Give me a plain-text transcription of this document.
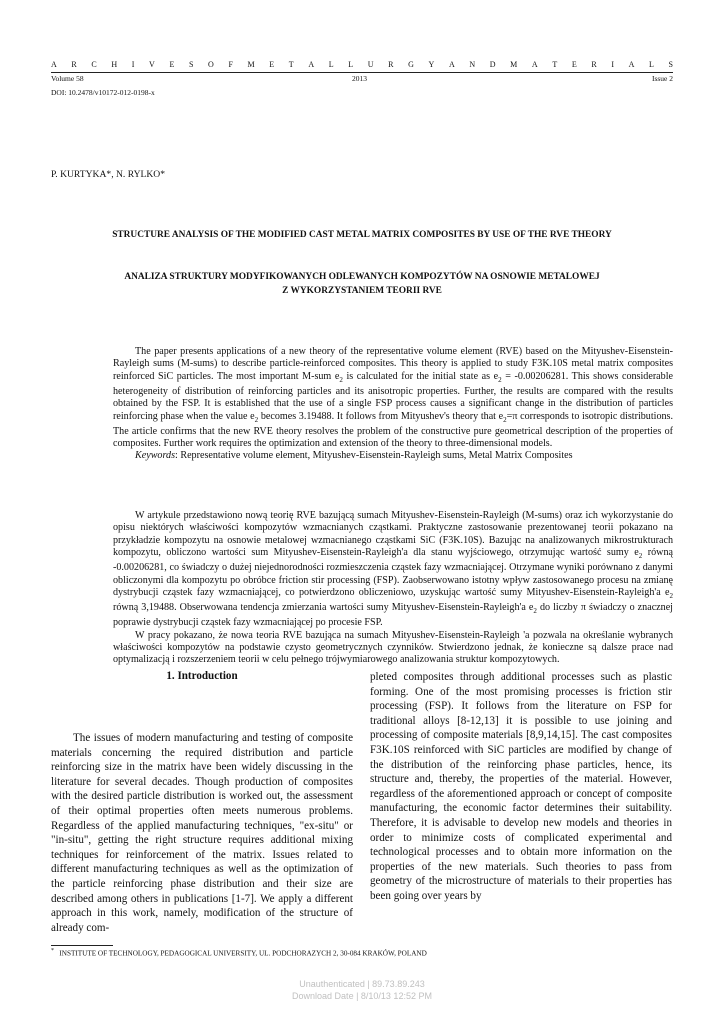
A R C H I V E S O F M E T A L L U R G Y A N D M A T E R I A L S
Volume 58	2013	Issue 2
DOI: 10.2478/v10172-012-0198-x
P. KURTYKA*, N. RYLKO*
STRUCTURE ANALYSIS OF THE MODIFIED CAST METAL MATRIX COMPOSITES BY USE OF THE RVE THEORY
ANALIZA STRUKTURY MODYFIKOWANYCH ODLEWANYCH KOMPOZYTÓW NA OSNOWIE METALOWEJ
Z WYKORZYSTANIEM TEORII RVE

The paper presents applications of a new theory of the representative volume element (RVE) based on the Mityushev-Eisenstein-Rayleigh sums (M-sums) to describe particle-reinforced composites. This theory is applied to study F3K.10S metal matrix composites reinforced SiC particles. The most important M-sum $e_2$ is calculated for the initial state as $e_2 = -0.00206281$. This shows considerable heterogeneity of distribution of reinforcing particles and its anisotropic properties. Further, the results are compared with the results obtained by the FSP. It is established that the use of a single FSP process causes a significant change in the distribution of particles reinforcing phase when the value $e_2$ becomes 3.19488. It follows from Mityushev's theory that $e_2=\pi$ corresponds to isotropic distributions. The article confirms that the new RVE theory resolves the problem of the constructive pure geometrical description of the properties of composites. Further work requires the optimization and extension of the theory to three-dimensional models.

Keywords: Representative volume element, Mityushev-Eisenstein-Rayleigh sums, Metal Matrix Composites

W artykule przedstawiono nową teorię RVE bazującą sumach Mityushev-Eisenstein-Rayleigh (M-sums) oraz ich wykorzystanie do opisu niektórych właściwości kompozytów wzmacnianych cząstkami. Praktyczne zastosowanie prezentowanej teorii pokazano na przykładzie kompozytu na osnowie metalowej wzmacnianego cząstkami SiC (F3K.10S). Bazując na analizowanych mikrostrukturach kompozytu, obliczono wartości sum Mityushev-Eisenstein-Rayleigh'a dla stanu wyjściowego, otrzymując wartość sumy $e_2$ równą -0.00206281, co świadczy o dużej niejednorodności rozmieszczenia cząstek fazy wzmacniającej. Otrzymane wyniki porównano z danymi obliczonymi dla kompozytu po obróbce friction stir processing (FSP). Zaobserwowano istotny wpływ zastosowanego procesu na zmianę dystrybucji cząstek fazy wzmacniającej, co potwierdzono obliczeniowo, uzyskując wartość sumy Mityushev-Eisenstein-Rayleigh'a $e_2$ równą 3,19488. Obserwowana tendencja zmierzania wartości sumy Mityushev-Eisenstein-Rayleigh'a $e_2$ do liczby π świadczy o znacznej poprawie dystrybucji cząstek fazy wzmacniającej po procesie FSP.

W pracy pokazano, że nowa teoria RVE bazująca na sumach Mityushev-Eisenstein-Rayleigh 'a pozwala na określanie wybranych właściwości kompozytów na podstawie czysto geometrycznych czynników. Stwierdzono jednak, że konieczne są dalsze prace nad optymalizacją i rozszerzeniem teorii w celu pełnego trójwymiarowego analizowania struktur kompozytowych.

1. Introduction

The issues of modern manufacturing and testing of composite materials concerning the required distribution and particle reinforcing size in the matrix have been widely discussing in the literature for several decades. Though production of composites with the desired particle distribution is worked out, the assessment of their optimal properties often meets numerous problems. Regardless of the applied manufacturing techniques, "ex-situ" or "in-situ", getting the right structure requires additional mixing techniques for reinforcement of the matrix. Issues related to different manufacturing techniques as well as the optimization of the particle reinforcing phase distribution and their size are described among others in publications [1-7]. We apply a different approach in this work, namely, modification of the structure of already com-

pleted composites through additional processes such as plastic forming. One of the most promising processes is friction stir processing (FSP). It follows from the literature on FSP for traditional alloys [8-12,13] it is possible to use joining and processing of composite materials [8,9,14,15]. The cast composites F3K.10S reinforced with SiC particles are modified by change of the distribution of the reinforcing phase particles, hence, its structure and, thereby, the properties of the material. However, regardless of the aforementioned approach or concept of composite manufacturing, the economic factor determines their suitability. Therefore, it is advisable to develop new models and theories in order to minimize costs of complicated experimental and technological processes and to obtain more information on the properties of the new materials. Such theories to pass from geometry of the microstructure of materials to their properties has been going over years by

* INSTITUTE OF TECHNOLOGY, PEDAGOGICAL UNIVERSITY, UL. PODCHORAZYCH 2, 30-084 KRAKÓW, POLAND
Unauthenticated | 89.73.89.243
Download Date | 8/10/13 12:52 PM
